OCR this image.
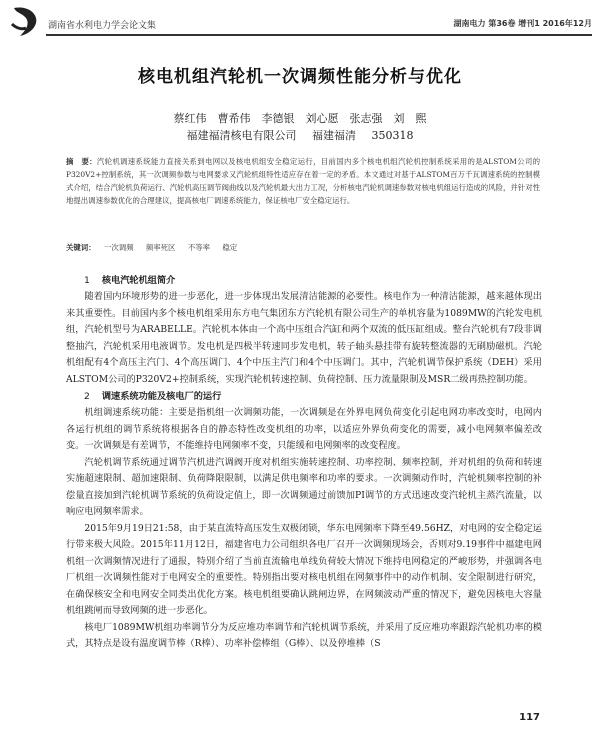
湖南省水利电力学会论文集	湖南电力 第36卷 增刊1 2016年12月
核电机组汽轮机一次调频性能分析与优化
蔡红伟　曹希伟　李德银　刘心愿　张志强　刘　熙
福建福清核电有限公司 福建福清 350318
摘　要：汽轮机调速系统能力直接关系到电网以及核电机组安全稳定运行，目前国内多个核电机组汽轮机控制系统采用的是ALSTOM公司的P320V2+控制系统，其一次调频参数与电网要求又汽轮机组特性适应存在着一定的矛盾。本文通过对基于ALSTOM百万千瓦调速系统的控制模式介绍，结合汽轮机负荷运行、汽轮机高压调节阀曲线以及汽轮机最大出力工况，分析核电汽轮机调速参数对核电机组运行造成的风险，并针对性地提出调速参数优化的合理建议，提高核电厂调速系统能力，保证核电厂安全稳定运行。
关键词： 一次调频 频率死区 不等率 稳定
1 核电汽轮机组简介

随着国内环境形势的进一步恶化，进一步体现出发展清洁能源的必要性。核电作为一种清洁能源，越来越体现出来其重要性。目前国内多个核电机组采用东方电气集团东方汽轮机有限公司生产的单机容量为1089MW的汽轮发电机组，汽轮机型号为ARABELLE。汽轮机本体由一个高中压组合汽缸和两个双流的低压缸组成。整台汽轮机有7段非调整抽汽，汽轮机采用电液调节。发电机是四极半转速同步发电机，转子轴头悬挂带有旋转整流器的无刷励磁机。汽轮机组配有4个高压主汽门、4个高压调门、4个中压主汽门和4个中压调门。其中，汽轮机调节保护系统（DEH）采用ALSTOM公司的P320V2+控制系统，实现汽轮机转速控制、负荷控制、压力流量限制及MSR二级再热控制功能。

2 调速系统功能及核电厂的运行

机组调速系统功能：主要是指机组一次调频功能，一次调频是在外界电网负荷变化引起电网功率改变时，电网内各运行机组的调节系统将根据各自的静态特性改变机组的功率，以适应外界负荷变化的需要，减小电网频率偏差改变。一次调频是有差调节，不能维持电网频率不变，只能缓和电网频率的改变程度。

汽轮机调节系统通过调节汽机进汽调阀开度对机组实施转速控制、功率控制、频率控制，并对机组的负荷和转速实施超速限制、超加速限制、负荷降限限制，以满足供电频率和功率的要求。一次调频动作时，汽轮机频率控制的补偿量直接加到汽轮机调节系统的负荷设定值上，即一次调频通过前馈加PI调节的方式迅速改变汽轮机主蒸汽流量，以响应电网频率需求。

2015年9月19日21:58，由于某直流特高压发生双极闭锁，华东电网频率下降至49.56HZ，对电网的安全稳定运行带来极大风险。2015年11月12日，福建省电力公司组织各电厂召开一次调频现场会，否则对9.19事件中福建电网机组一次调频情况进行了通报，特别介绍了当前直流输电单线负荷较大情况下维持电网稳定的严峻形势，并强调各电厂机组一次调频性能对于电网安全的重要性。特别指出要对核电机组在网频事件中的动作机制、安全限制进行研究，在确保核安全和电网安全同类出优化方案。核电机组要确认跳闸边界，在网频波动严重的情况下，避免因核电大容量机组跳闸而导致网频的进一步恶化。

核电厂1089MW机组功率调节分为反应堆功率调节和汽轮机调节系统，并采用了反应堆功率跟踪汽轮机功率的模式，其特点是设有温度调节棒（R棒）、功率补偿棒组（G棒）、以及停堆棒（S

117
